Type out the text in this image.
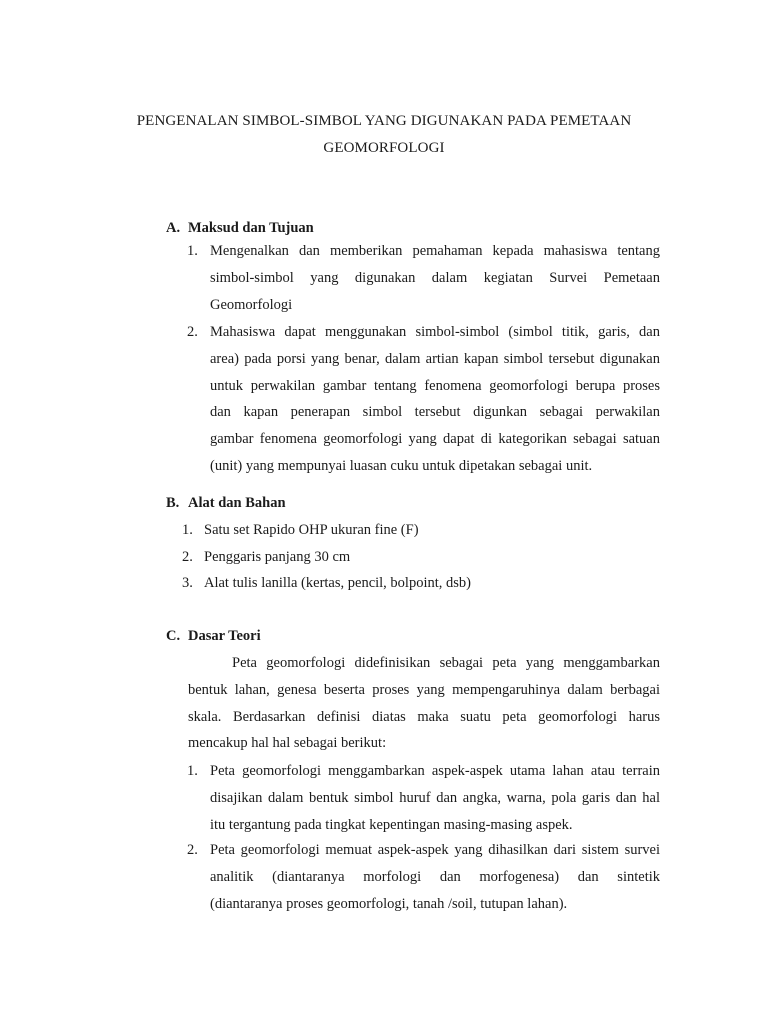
PENGENALAN SIMBOL-SIMBOL YANG DIGUNAKAN PADA PEMETAAN
GEOMORFOLOGI
A. Maksud dan Tujuan
1. Mengenalkan dan memberikan pemahaman kepada mahasiswa tentang
simbol-simbol yang digunakan dalam kegiatan Survei Pemetaan
Geomorfologi
2. Mahasiswa dapat menggunakan simbol-simbol (simbol titik, garis, dan
area) pada porsi yang benar, dalam artian kapan simbol tersebut digunakan
untuk perwakilan gambar tentang fenomena geomorfologi berupa proses
dan kapan penerapan simbol tersebut digunkan sebagai perwakilan
gambar fenomena geomorfologi yang dapat di kategorikan sebagai satuan
(unit) yang mempunyai luasan cuku untuk dipetakan sebagai unit.
B. Alat dan Bahan
1. Satu set Rapido OHP ukuran fine (F)
2. Penggaris panjang 30 cm
3. Alat tulis lanilla (kertas, pencil, bolpoint, dsb)
C. Dasar Teori
Peta geomorfologi didefinisikan sebagai peta yang menggambarkan
bentuk lahan, genesa beserta proses yang mempengaruhinya dalam berbagai
skala. Berdasarkan definisi diatas maka suatu peta geomorfologi harus
mencakup hal hal sebagai berikut:
1. Peta geomorfologi menggambarkan aspek-aspek utama lahan atau terrain
disajikan dalam bentuk simbol huruf dan angka, warna, pola garis dan hal
itu tergantung pada tingkat kepentingan masing-masing aspek.
2. Peta geomorfologi memuat aspek-aspek yang dihasilkan dari sistem survei
analitik (diantaranya morfologi dan morfogenesa) dan sintetik
(diantaranya proses geomorfologi, tanah /soil, tutupan lahan).
